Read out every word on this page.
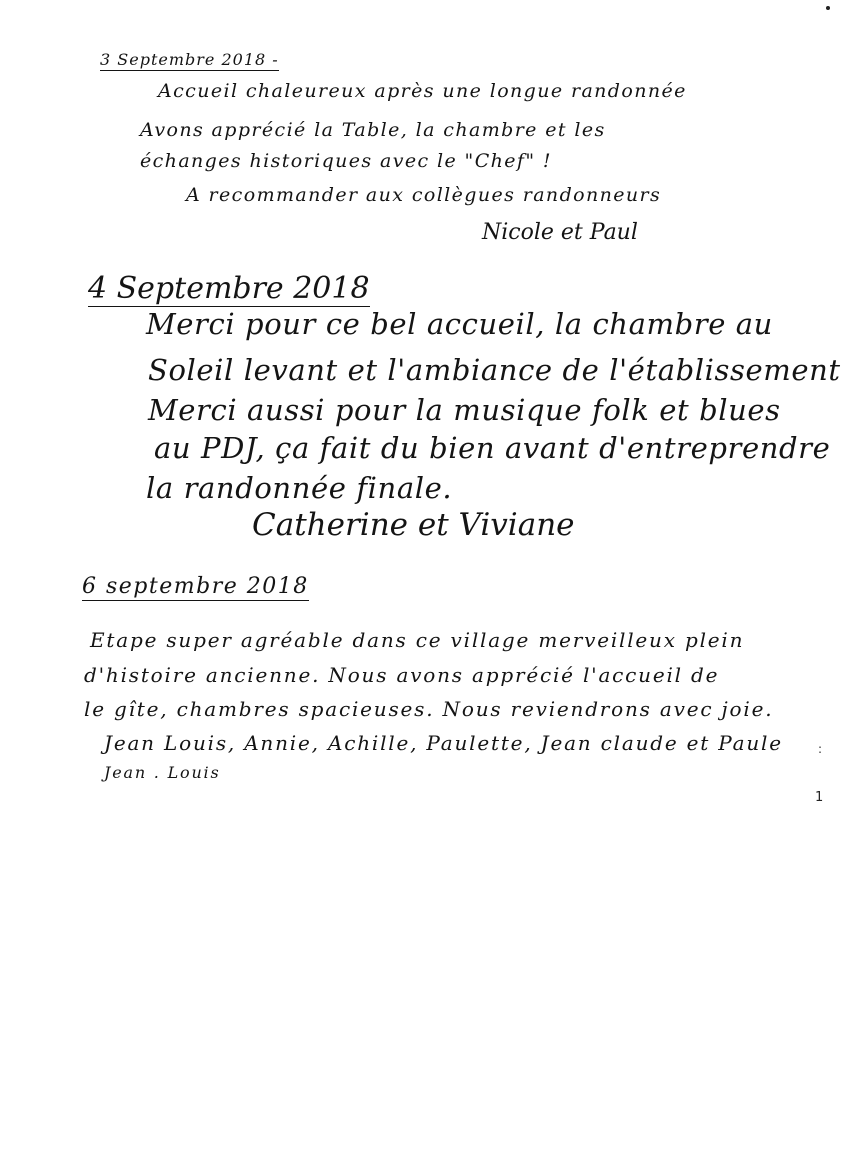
3 Septembre 2018 -
Accueil chaleureux après une longue randonnée
Avons apprécié la Table, la chambre et les
échanges historiques avec le "Chef" !
A recommander aux collègues randonneurs
Nicole et Paul
4 Septembre 2018
Merci pour ce bel accueil, la chambre au
Soleil levant et l'ambiance de l'établissement
Merci aussi pour la musique folk et blues
au PDJ, ça fait du bien avant d'entreprendre
la randonnée finale.
Catherine et Viviane
6 septembre 2018
Etape super agréable dans ce village merveilleux plein
d'histoire ancienne. Nous avons apprécié l'accueil de
le gîte, chambres spacieuses. Nous reviendrons avec joie.
Jean Louis, Annie, Achille, Paulette, Jean claude et Paule
Jean . Louis
:
1
